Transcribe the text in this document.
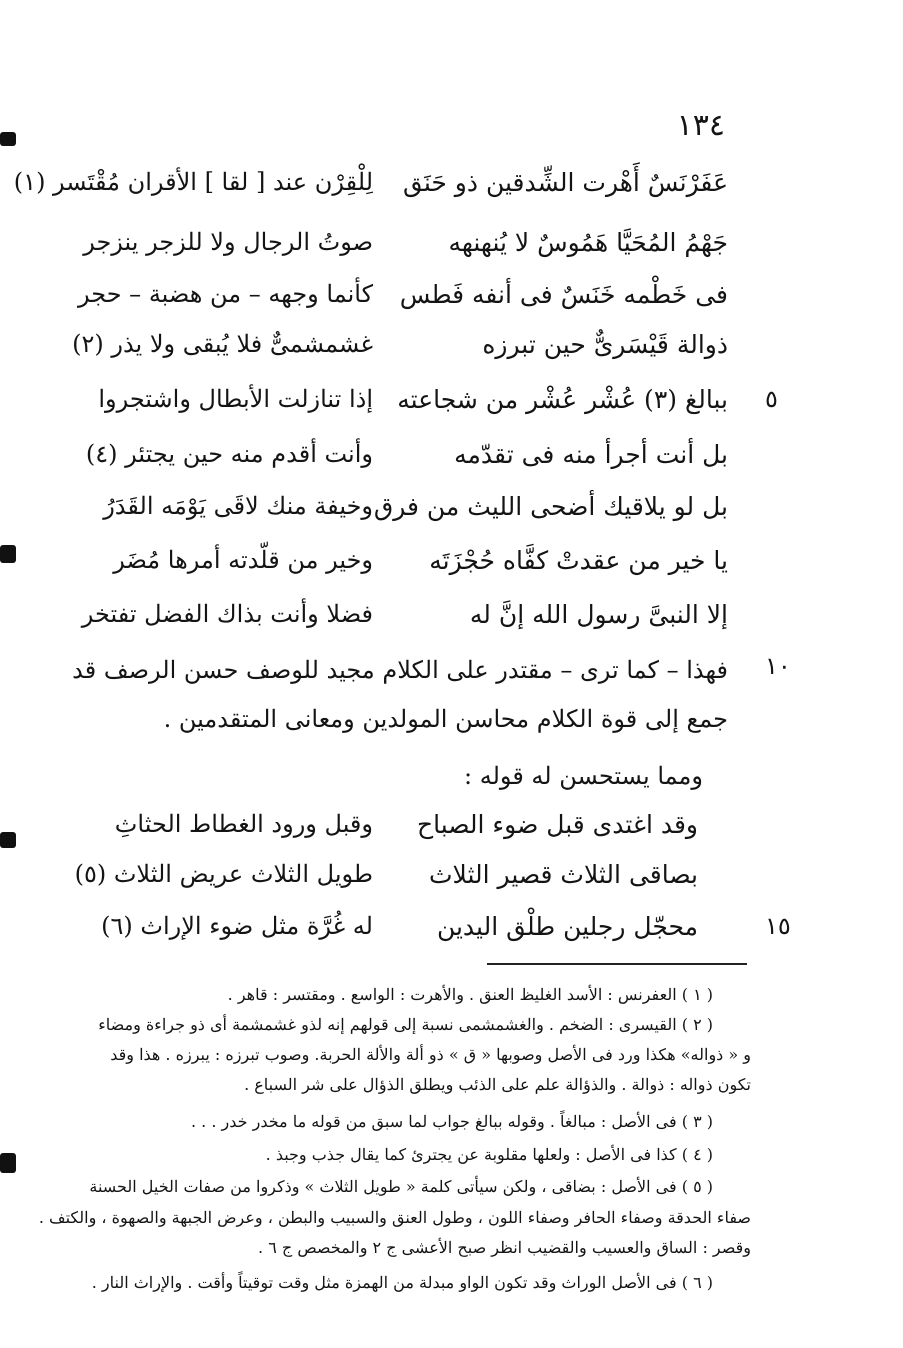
١٣٤
عَفَرْنَسٌ أَهْرت الشِّدقين ذو حَنَق
لِلْقِرْن عند [ لقا ] الأقران مُقْتَسر (١)
جَهْمُ المُحَيَّا هَمُوسٌ لا يُنهنهه
صوتُ الرجال ولا للزجر ينزجر
فى خَطْمه خَنَسٌ فى أنفه فَطس
كأنما وجهه – من هضبة – حجر
ذوالة قَيْسَرىٌّ حين تبرزه
غشمشمىٌّ فلا يُبقى ولا يذر (٢)
ببالغ (٣) عُشْر عُشْر من شجاعته
إذا تنازلت الأبطال واشتجروا	٥
بل أنت أجرأ منه فى تقدّمه
وأنت أقدم منه حين يجتئر (٤)
بل لو يلاقيك أضحى الليث من فرق
وخيفة منك لاقَى يَوْمَه القَدَرُ
يا خير من عقدتْ كفَّاه حُجْزَتَه
وخير من قلّدته أمرها مُضَر
إلا النبىَّ رسول الله إنَّ له
فضلا وأنت بذاك الفضل تفتخر
١٠
فهذا – كما ترى – مقتدر على الكلام مجيد للوصف حسن الرصف قد
جمع إلى قوة الكلام محاسن المولدين ومعانى المتقدمين .
ومما يستحسن له قوله :
وقد اغتدى قبل ضوء الصباح
وقبل ورود الغطاط الحثاثِ
بصاقى الثلاث قصير الثلاث
طويل الثلاث عريض الثلاث (٥)
محجّل رجلين طلْق اليدين
له غُرَّة مثل ضوء الإراث (٦)	١٥
( ١ ) العفرنس : الأسد الغليظ العنق . والأهرت : الواسع . ومقتسر : قاهر .
( ٢ ) القيسرى : الضخم . والغشمشمى نسبة إلى قولهم إنه لذو غشمشمة أى ذو جراءة ومضاء
و « ذواله» هكذا ورد فى الأصل وصوبها « ق » ذو ألة والألة الحربة. وصوب تبرزه : يبرزه . هذا وقد
تكون ذواله : ذوالة . والذؤالة علم على الذئب ويطلق الذؤال على شر السباع .
( ٣ ) فى الأصل : مبالغاً . وقوله ببالغ جواب لما سبق من قوله ما مخدر خدر . . .
( ٤ ) كذا فى الأصل : ولعلها مقلوبة عن يجترئ كما يقال جذب وجبذ .
( ٥ ) فى الأصل : بضاقى ، ولكن سيأتى كلمة « طويل الثلاث » وذكروا من صفات الخيل الحسنة
صفاء الحدقة وصفاء الحافر وصفاء اللون ، وطول العنق والسبيب والبطن ، وعرض الجبهة والصهوة ، والكتف .
وقصر : الساق والعسيب والقضيب انظر صبح الأعشى ج ٢ والمخصص ج ٦ .
( ٦ ) فى الأصل الوراث وقد تكون الواو مبدلة من الهمزة مثل وقت توقيتاً وأقت . والإراث النار .
